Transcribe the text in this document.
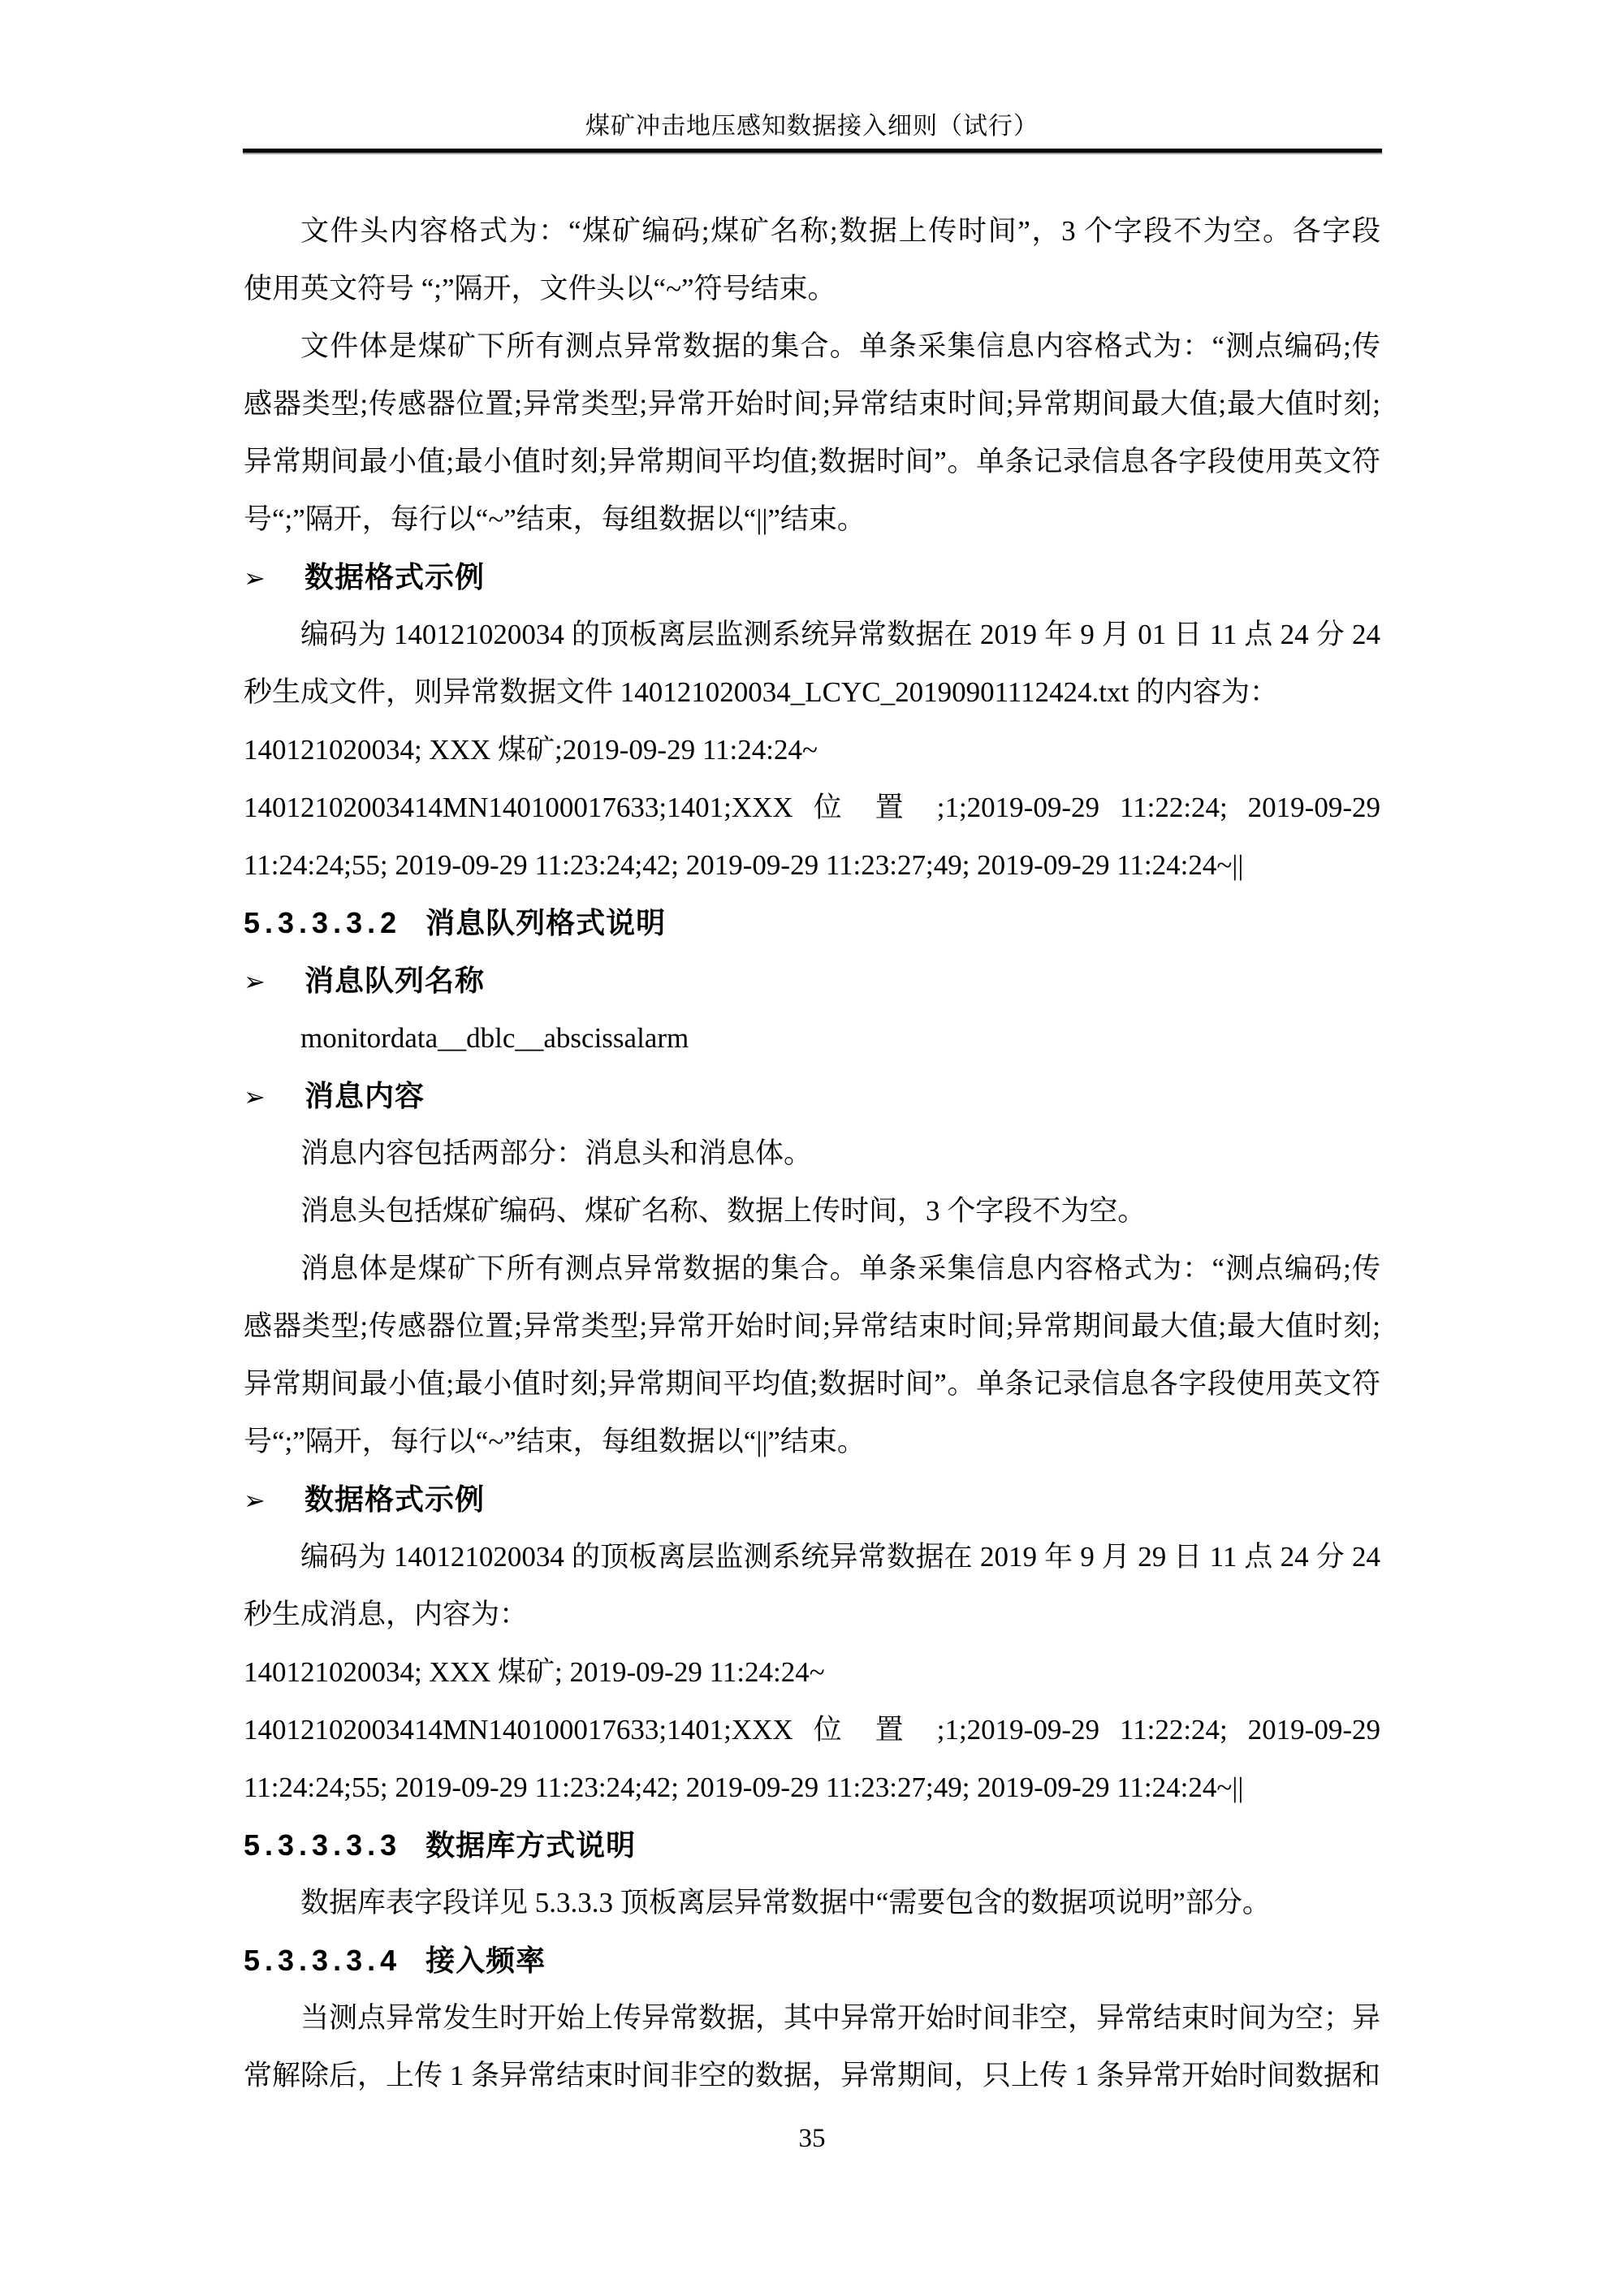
煤矿冲击地压感知数据接入细则（试行）
文件头内容格式为：“煤矿编码;煤矿名称;数据上传时间”，3 个字段不为空。各字段
使用英文符号 “;”隔开，文件头以“~”符号结束。
文件体是煤矿下所有测点异常数据的集合。单条采集信息内容格式为：“测点编码;传
感器类型;传感器位置;异常类型;异常开始时间;异常结束时间;异常期间最大值;最大值时刻;
异常期间最小值;最小值时刻;异常期间平均值;数据时间”。单条记录信息各字段使用英文符
号“;”隔开，每行以“~”结束，每组数据以“||”结束。
➢ 数据格式示例
编码为 140121020034 的顶板离层监测系统异常数据在 2019 年 9 月 01 日 11 点 24 分 24
秒生成文件，则异常数据文件 140121020034_LCYC_20190901112424.txt 的内容为：
140121020034; XXX 煤矿;2019-09-29 11:24:24~
14012102003414MN140100017633;1401;XXX 位 置 ;1;2019-09-29 11:22:24; 2019-09-29
11:24:24;55; 2019-09-29 11:23:24;42; 2019-09-29 11:23:27;49; 2019-09-29 11:24:24~||
5.3.3.3.2 消息队列格式说明
➢ 消息队列名称
monitordata__dblc__abscissalarm
➢ 消息内容
消息内容包括两部分：消息头和消息体。
消息头包括煤矿编码、煤矿名称、数据上传时间，3 个字段不为空。
消息体是煤矿下所有测点异常数据的集合。单条采集信息内容格式为：“测点编码;传
感器类型;传感器位置;异常类型;异常开始时间;异常结束时间;异常期间最大值;最大值时刻;
异常期间最小值;最小值时刻;异常期间平均值;数据时间”。单条记录信息各字段使用英文符
号“;”隔开，每行以“~”结束，每组数据以“||”结束。
➢ 数据格式示例
编码为 140121020034 的顶板离层监测系统异常数据在 2019 年 9 月 29 日 11 点 24 分 24
秒生成消息，内容为：
140121020034; XXX 煤矿; 2019-09-29 11:24:24~
14012102003414MN140100017633;1401;XXX 位 置 ;1;2019-09-29 11:22:24; 2019-09-29
11:24:24;55; 2019-09-29 11:23:24;42; 2019-09-29 11:23:27;49; 2019-09-29 11:24:24~||
5.3.3.3.3 数据库方式说明
数据库表字段详见 5.3.3.3 顶板离层异常数据中“需要包含的数据项说明”部分。
5.3.3.3.4 接入频率
当测点异常发生时开始上传异常数据，其中异常开始时间非空，异常结束时间为空；异
常解除后，上传 1 条异常结束时间非空的数据，异常期间，只上传 1 条异常开始时间数据和
35
